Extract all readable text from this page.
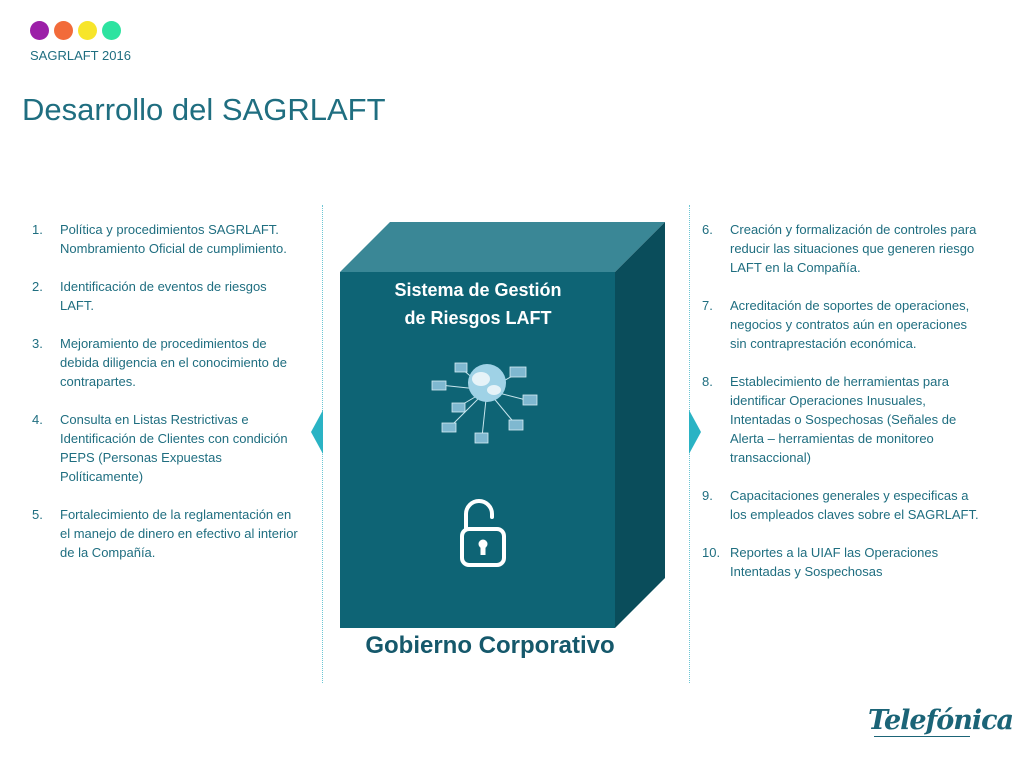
SAGRLAFT 2016
Desarrollo del SAGRLAFT
1. Política y procedimientos SAGRLAFT. Nombramiento Oficial de cumplimiento.
2. Identificación de eventos de riesgos LAFT.
3. Mejoramiento de procedimientos de debida diligencia en el conocimiento de contrapartes.
4. Consulta en Listas Restrictivas e Identificación de Clientes con condición PEPS (Personas Expuestas Políticamente)
5. Fortalecimiento de la reglamentación en el manejo de dinero en efectivo al interior de la Compañía.
Sistema de Gestión
de Riesgos LAFT
Gobierno Corporativo
6. Creación y formalización de controles para reducir las situaciones que generen riesgo LAFT en la Compañía.
7. Acreditación de soportes de operaciones, negocios y contratos aún en operaciones sin contraprestación económica.
8. Establecimiento de herramientas para identificar Operaciones Inusuales, Intentadas o Sospechosas (Señales de Alerta – herramientas de monitoreo transaccional)
9. Capacitaciones generales y especificas a los empleados claves sobre el SAGRLAFT.
10. Reportes a la UIAF las Operaciones Intentadas y Sospechosas
Telefónica
